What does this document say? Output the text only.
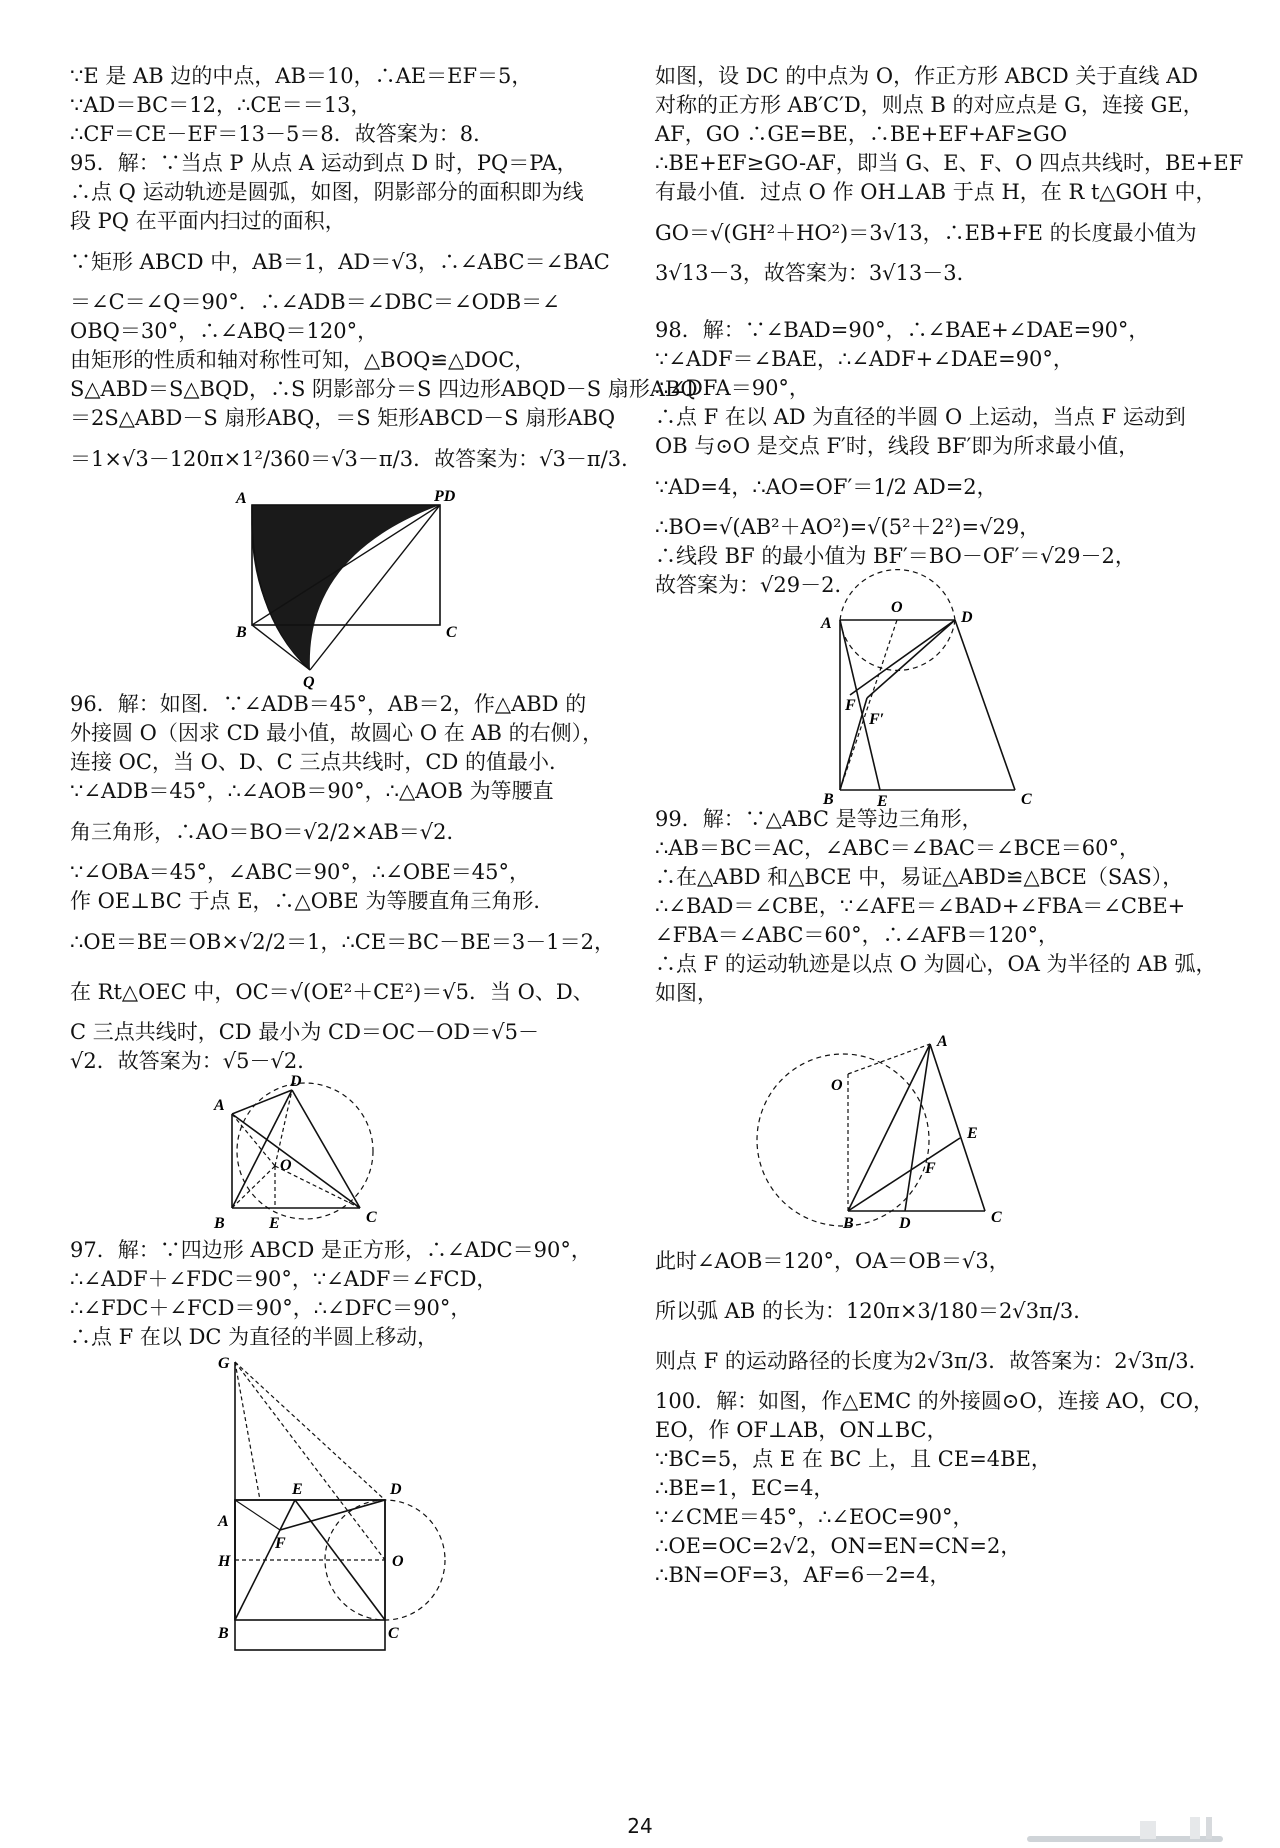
∵E 是 AB 边的中点，AB＝10，∴AE＝EF＝5，
∵AD＝BC＝12，∴CE＝＝13，
∴CF＝CE－EF＝13－5＝8．故答案为：8．
95．解：∵当点 P 从点 A 运动到点 D 时，PQ＝PA，
∴点 Q 运动轨迹是圆弧，如图，阴影部分的面积即为线
段 PQ 在平面内扫过的面积，
∵矩形 ABCD 中，AB＝1，AD＝√3，∴∠ABC＝∠BAC
＝∠C＝∠Q＝90°．∴∠ADB＝∠DBC＝∠ODB＝∠
OBQ＝30°，∴∠ABQ＝120°，
由矩形的性质和轴对称性可知，△BOQ≌△DOC，
S△ABD＝S△BQD，∴S 阴影部分＝S 四边形ABQD－S 扇形ABQ
＝2S△ABD－S 扇形ABQ，＝S 矩形ABCD－S 扇形ABQ
＝1×√3－120π×1²/360＝√3－π/3．故答案为：√3－π/3．
A	PD
B	C
Q
96．解：如图．∵∠ADB＝45°，AB＝2，作△ABD 的
外接圆 O（因求 CD 最小值，故圆心 O 在 AB 的右侧），
连接 OC，当 O、D、C 三点共线时，CD 的值最小．
∵∠ADB＝45°，∴∠AOB＝90°，∴△AOB 为等腰直
角三角形，∴AO＝BO＝√2/2×AB＝√2．
∵∠OBA＝45°，∠ABC＝90°，∴∠OBE＝45°，
作 OE⊥BC 于点 E，∴△OBE 为等腰直角三角形．
∴OE＝BE＝OB×√2/2＝1，∴CE＝BC－BE＝3－1＝2，
在 Rt△OEC 中，OC＝√(OE²＋CE²)＝√5．当 O、D、
C 三点共线时，CD 最小为 CD＝OC－OD＝√5－
√2．故答案为：√5－√2．
A
D
O
B	E	C
97．解：∵四边形 ABCD 是正方形，∴∠ADC＝90°，
∴∠ADF＋∠FDC＝90°，∵∠ADF＝∠FCD，
∴∠FDC＋∠FCD＝90°，∴∠DFC＝90°，
∴点 F 在以 DC 为直径的半圆上移动，
G
E	D
A
F
H	O
B	C
如图，设 DC 的中点为 O，作正方形 ABCD 关于直线 AD
对称的正方形 AB′C′D，则点 B 的对应点是 G，连接 GE，
AF，GO ∴GE=BE，∴BE+EF+AF≥GO
∴BE+EF≥GO-AF，即当 G、E、F、O 四点共线时，BE+EF
有最小值．过点 O 作 OH⊥AB 于点 H，在 R t△GOH 中，
GO＝√(GH²＋HO²)＝3√13，∴EB+FE 的长度最小值为
3√13－3，故答案为：3√13－3．
98．解：∵∠BAD=90°，∴∠BAE+∠DAE=90°，
∵∠ADF＝∠BAE，∴∠ADF+∠DAE=90°，
∴∠DFA＝90°，
∴点 F 在以 AD 为直径的半圆 O 上运动，当点 F 运动到
OB 与⊙O 是交点 F′时，线段 BF′即为所求最小值，
∵AD=4，∴AO=OF′＝1/2 AD=2，
∴BO=√(AB²＋AO²)=√(5²＋2²)=√29，
∴线段 BF 的最小值为 BF′＝BO－OF′＝√29－2，
故答案为：√29－2．
O
A	D
F
F′
B	E	C
99．解：∵△ABC 是等边三角形，
∴AB＝BC＝AC，∠ABC＝∠BAC＝∠BCE＝60°，
∴在△ABD 和△BCE 中，易证△ABD≌△BCE（SAS），
∴∠BAD＝∠CBE，∵∠AFE＝∠BAD+∠FBA＝∠CBE+
∠FBA＝∠ABC＝60°，∴∠AFB＝120°，
∴点 F 的运动轨迹是以点 O 为圆心，OA 为半径的 AB 弧，
如图，
A
O
E
F
B	D	C
此时∠AOB＝120°，OA＝OB＝√3，
所以弧 AB 的长为：120π×3/180＝2√3π/3．
则点 F 的运动路径的长度为2√3π/3．故答案为：2√3π/3．
100．解：如图，作△EMC 的外接圆⊙O，连接 AO，CO，
EO，作 OF⊥AB，ON⊥BC，
∵BC=5，点 E 在 BC 上，且 CE=4BE，
∴BE=1，EC=4，
∵∠CME＝45°，∴∠EOC=90°，
∴OE=OC=2√2，ON=EN=CN=2，
∴BN=OF=3，AF=6－2=4，
24
